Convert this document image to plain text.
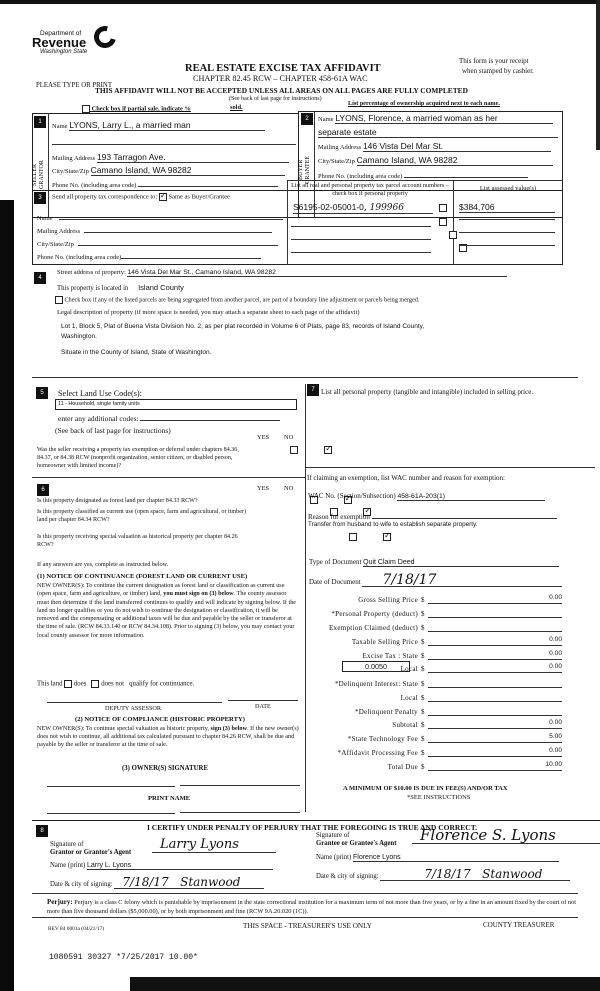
Department of
Revenue
Washington State
PLEASE TYPE OR PRINT
REAL ESTATE EXCISE TAX AFFIDAVIT
CHAPTER 82.45 RCW – CHAPTER 458-61A WAC
THIS AFFIDAVIT WILL NOT BE ACCEPTED UNLESS ALL AREAS ON ALL PAGES ARE FULLY COMPLETED
This form is your receipt
when stamped by cashier.
(See back of last page for instructions)
Check box if partial sale, indicate %	sold.
List percentage of ownership acquired next to each name.
1
SELLER
GRANTOR
Name LYONS, Larry L., a married man
Mailing Address 193 Tarragon Ave.
City/State/Zip Camano Island, WA 98282
Phone No. (including area code)
2
BUYER
GRANTEE
Name LYONS, Florence, a married woman as her
separate estate
Mailing Address 146 Vista Del Mar St.
City/State/Zip Camano Island, WA 98282
Phone No. (including area code)
3	Send all property tax correspondence to: ✓ Same as Buyer/Grantee
Name
Mailing Address
City/State/Zip
Phone No. (including area code)
List all real and personal property tax parcel account numbers – check box if personal property
List assessed value(s)
S6195-02-05001-0, 199966	$384,706

4
Street address of property: 146 Vista Del Mar St., Camano Island, WA 98282
This property is located in Island County
Check box if any of the listed parcels are being segregated from another parcel, are part of a boundary line adjustment or parcels being merged.
Legal description of property (if more space is needed, you may attach a separate sheet to each page of the affidavit)
Lot 1, Block 5, Plat of Buena Vista Division No. 2, as per plat recorded in Volume 6 of Plats, page 83, records of Island County,
Washington.
Situate in the County of Island, State of Washington.
5	Select Land Use Code(s):
11 - Household, single family units
enter any additional codes:
(See back of last page for instructions)
YES NO
Was the seller receiving a property tax exemption or deferral under chapters 84.36, 84.37, or 84.38 RCW (nonprofit organization, senior citizen, or disabled person, homeowner with limited income)?
✓
6	YES NO
Is this property designated as forest land per chapter 84.33 RCW?
✓
Is this property classified as current use (open space, farm and agricultural, or timber) land per chapter 84.34 RCW?
✓
Is this property receiving special valuation as historical property per chapter 84.26 RCW?
✓
If any answers are yes, complete as instructed below.
(1) NOTICE OF CONTINUANCE (FOREST LAND OR CURRENT USE)
NEW OWNER(S): To continue the current designation as forest land or classification as current use (open space, farm and agriculture, or timber) land, you must sign on (3) below. The county assessor must then determine if the land transferred continues to qualify and will indicate by signing below. If the land no longer qualifies or you do not wish to continue the designation or classification, it will be removed and the compensating or additional taxes will be due and payable by the seller or transferor at the time of sale. (RCW 84.33.140 or RCW 84.34.108). Prior to signing (3) below, you may contact your local county assessor for more information.
This land does does not qualify for continuance.
DEPUTY ASSESSOR	DATE
(2) NOTICE OF COMPLIANCE (HISTORIC PROPERTY)
NEW OWNER(S): To continue special valuation as historic property, sign (3) below. If the new owner(s) does not wish to continue, all additional tax calculated pursuant to chapter 84.26 RCW, shall be due and payable by the seller or transferor at the time of sale.
(3) OWNER(S) SIGNATURE
PRINT NAME
7 List all personal property (tangible and intangible) included in selling price.
If claiming an exemption, list WAC number and reason for exemption:
WAC No. (Section/Subsection) 458-61A-203(1)
Reason for exemption
Transfer from husband to wife to establish separate property.
Type of Document Quit Claim Deed
Date of Document 7/18/17
Gross Selling Price $	0.00
*Personal Property (deduct) $
Exemption Claimed (deduct) $
Taxable Selling Price $	0.00
Excise Tax : State $	0.00
Local $	0.00
*Delinquent Interest: State $
Local $
*Delinquent Penalty $
Subtotal $	0.00
*State Technology Fee $	5.00
*Affidavit Processing Fee $	0.00
Total Due $	10.00
0.0050
A MINIMUM OF $10.00 IS DUE IN FEE(S) AND/OR TAX
*SEE INSTRUCTIONS
8	I CERTIFY UNDER PENALTY OF PERJURY THAT THE FOREGOING IS TRUE AND CORRECT.
Signature of
Grantor or Grantor's Agent
Larry Lyons
Name (print) Larry L. Lyons
Date & city of signing: 7/18/17   Stanwood
Signature of
Grantee or Grantee's Agent	Florence S. Lyons
Name (print) Florence Lyons
Date & city of signing:	7/18/17   Stanwood
Perjury: Perjury is a class C felony which is punishable by imprisonment in the state correctional institution for a maximum term of not more than five years, or by a fine in an amount fixed by the court of not more than five thousand dollars ($5,000.00), or by both imprisonment and fine (RCW 9A.20.020 (1C)).
REV 84 0001a (04/21/17)	THIS SPACE - TREASURER'S USE ONLY	COUNTY TREASURER
1080591 30327 *7/25/2017 10.00*
